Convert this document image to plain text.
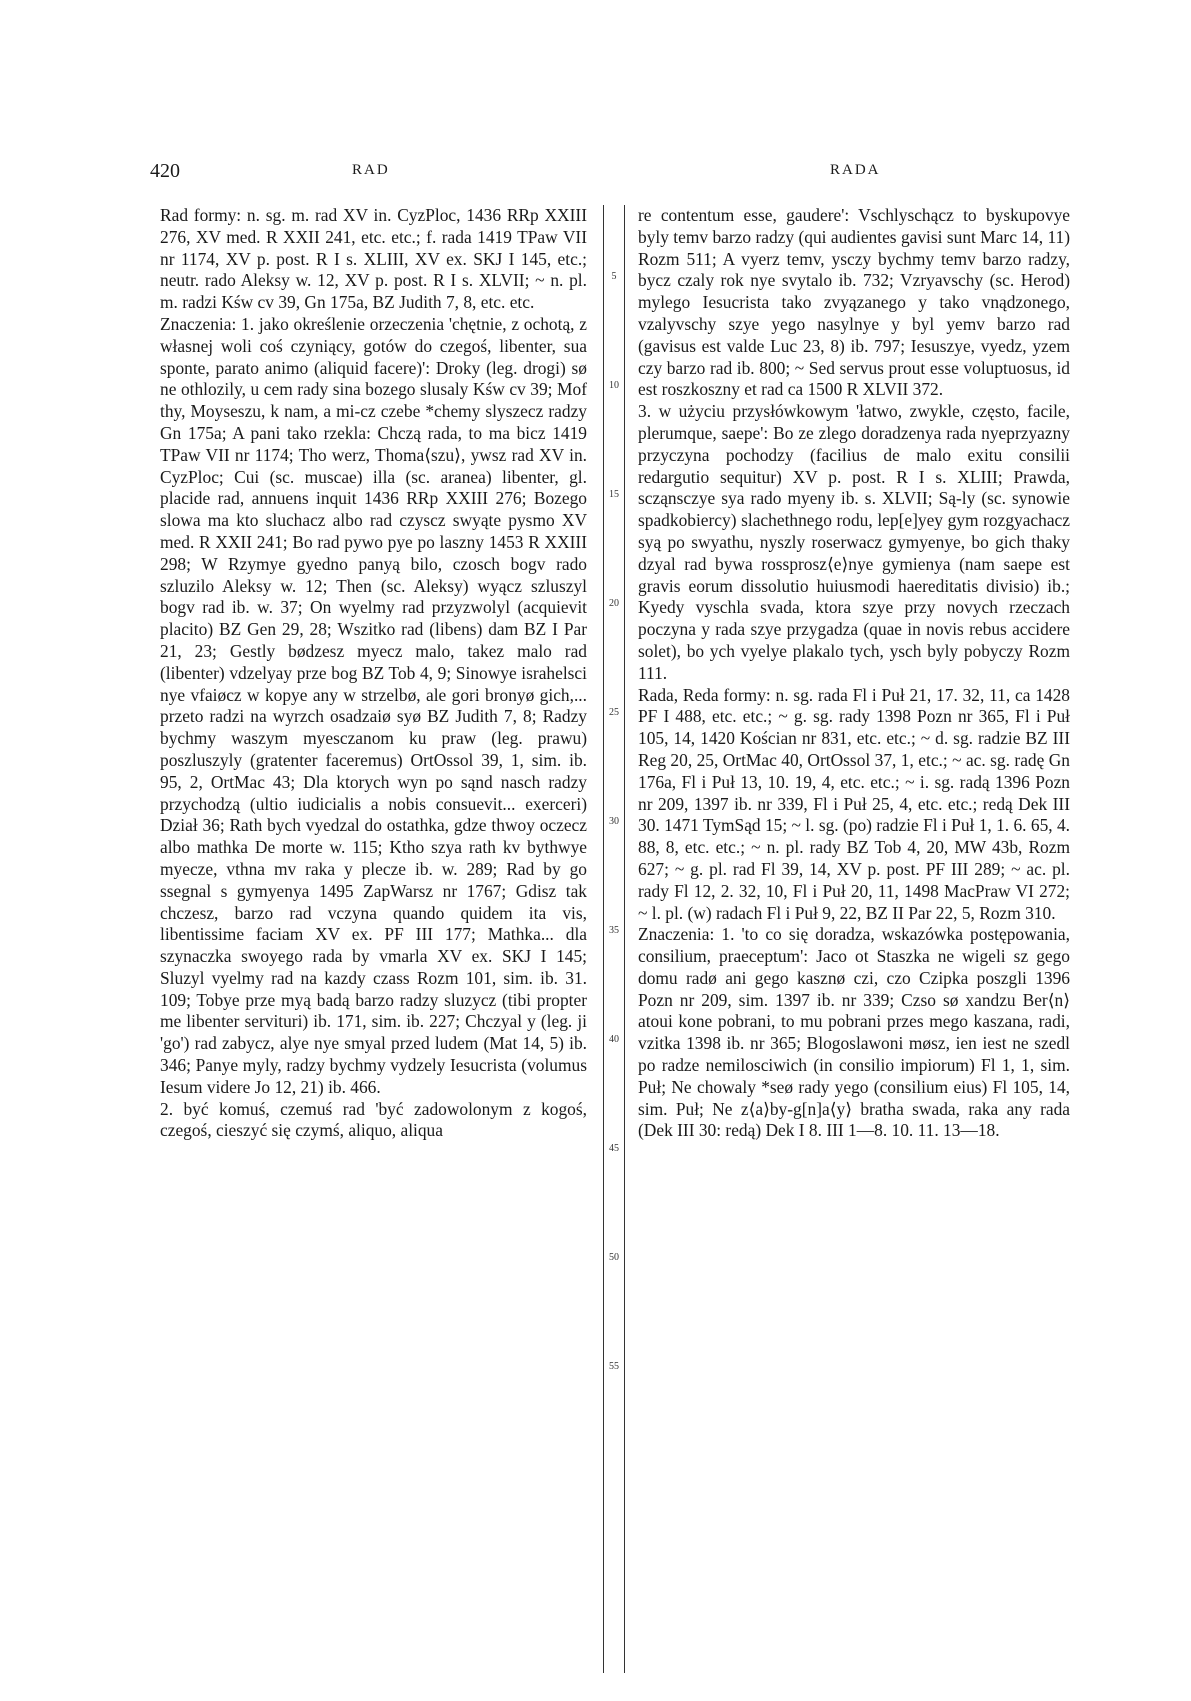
420	RAD	RADA

Rad formy: n. sg. m. rad XV in. CyzPloc, 1436 RRp XXIII 276, XV med. R XXII 241, etc. etc.; f. rada 1419 TPaw VII nr 1174, XV p. post. R I s. XLIII, XV ex. SKJ I 145, etc.; neutr. rado Aleksy w. 12, XV p. post. R I s. XLVII; ~ n. pl. m. radzi Kśw cv 39, Gn 175a, BZ Judith 7, 8, etc. etc.

Znaczenia: 1. jako określenie orzeczenia 'chętnie, z ochotą, z własnej woli coś czyniący, gotów do czegoś, libenter, sua sponte, parato animo (aliquid facere)': Droky (leg. drogi) sø ne othlozily, u cem rady sina bozego slusaly Kśw cv 39; Mof thy, Moyseszu, k nam, a mi-cz czebe *chemy slyszecz radzy Gn 175a; A pani tako rzekla: Chczą rada, to ma bicz 1419 TPaw VII nr 1174; Tho werz, Thoma⟨szu⟩, ywsz rad XV in. CyzPloc; Cui (sc. muscae) illa (sc. aranea) libenter, gl. placide rad, annuens inquit 1436 RRp XXIII 276; Bozego slowa ma kto sluchacz albo rad czyscz swyąte pysmo XV med. R XXII 241; Bo rad pywo pye po laszny 1453 R XXIII 298; W Rzymye gyedno panyą bilo, czosch bogv rado szluzilo Aleksy w. 12; Then (sc. Aleksy) wyącz szluszyl bogv rad ib. w. 37; On wyelmy rad przyzwolyl (acquievit placito) BZ Gen 29, 28; Wszitko rad (libens) dam BZ I Par 21, 23; Gestly bødzesz myecz malo, takez malo rad (libenter) vdzelyay prze bog BZ Tob 4, 9; Sinowye israhelsci nye vfaiøcz w kopye any w strzelbø, ale gori bronyø gich,... przeto radzi na wyrzch osadzaiø syø BZ Judith 7, 8; Radzy bychmy waszym myesczanom ku praw (leg. prawu) poszluszyly (gratenter faceremus) OrtOssol 39, 1, sim. ib. 95, 2, OrtMac 43; Dla ktorych wyn po sąnd nasch radzy przychodzą (ultio iudicialis a nobis consuevit... exerceri) Dział 36; Rath bych vyedzal do ostathka, gdze thwoy oczecz albo mathka De morte w. 115; Ktho szya rath kv bythwye myecze, vthna mv raka y plecze ib. w. 289; Rad by go ssegnal s gymyenya 1495 ZapWarsz nr 1767; Gdisz tak chczesz, barzo rad vczyna quando quidem ita vis, libentissime faciam XV ex. PF III 177; Mathka... dla szynaczka swoyego rada by vmarla XV ex. SKJ I 145; Sluzyl vyelmy rad na kazdy czass Rozm 101, sim. ib. 31. 109; Tobye prze myą badą barzo radzy sluzycz (tibi propter me libenter servituri) ib. 171, sim. ib. 227; Chczyal y (leg. ji 'go') rad zabycz, alye nye smyal przed ludem (Mat 14, 5) ib. 346; Panye myly, radzy bychmy vydzely Iesucrista (volumus Iesum videre Jo 12, 21) ib. 466.

2. być komuś, czemuś rad 'być zadowolonym z kogoś, czegoś, cieszyć się czymś, aliquo, aliqua

5
10
15
20
25
30
35
40
45
50
55

re contentum esse, gaudere': Vschlyschącz to byskupovye byly temv barzo radzy (qui audientes gavisi sunt Marc 14, 11) Rozm 511; A vyerz temv, ysczy bychmy temv barzo radzy, bycz czaly rok nye svytalo ib. 732; Vzryavschy (sc. Herod) mylego Iesucrista tako zvyązanego y tako vnądzonego, vzalyvschy szye yego nasylnye y byl yemv barzo rad (gavisus est valde Luc 23, 8) ib. 797; Iesuszye, vyedz, yzem czy barzo rad ib. 800; ~ Sed servus prout esse voluptuosus, id est roszkoszny et rad ca 1500 R XLVII 372.

3. w użyciu przysłówkowym 'łatwo, zwykle, często, facile, plerumque, saepe': Bo ze zlego doradzenya rada nyeprzyazny przyczyna pochodzy (facilius de malo exitu consilii redargutio sequitur) XV p. post. R I s. XLIII; Prawda, scząnsczye sya rado myeny ib. s. XLVII; Są-ly (sc. synowie spadkobiercy) slachethnego rodu, lep[e]yey gym rozgyachacz syą po swyathu, nyszly roserwacz gymyenye, bo gich thaky dzyal rad bywa rossprosz⟨e⟩nye gymienya (nam saepe est gravis eorum dissolutio huiusmodi haereditatis divisio) ib.; Kyedy vyschla svada, ktora szye przy novych rzeczach poczyna y rada szye przygadza (quae in novis rebus accidere solet), bo ych vyelye plakalo tych, ysch byly pobyczy Rozm 111.

Rada, Reda formy: n. sg. rada Fl i Puł 21, 17. 32, 11, ca 1428 PF I 488, etc. etc.; ~ g. sg. rady 1398 Pozn nr 365, Fl i Puł 105, 14, 1420 Kościan nr 831, etc. etc.; ~ d. sg. radzie BZ III Reg 20, 25, OrtMac 40, OrtOssol 37, 1, etc.; ~ ac. sg. radę Gn 176a, Fl i Puł 13, 10. 19, 4, etc. etc.; ~ i. sg. radą 1396 Pozn nr 209, 1397 ib. nr 339, Fl i Puł 25, 4, etc. etc.; redą Dek III 30. 1471 TymSąd 15; ~ l. sg. (po) radzie Fl i Puł 1, 1. 6. 65, 4. 88, 8, etc. etc.; ~ n. pl. rady BZ Tob 4, 20, MW 43b, Rozm 627; ~ g. pl. rad Fl 39, 14, XV p. post. PF III 289; ~ ac. pl. rady Fl 12, 2. 32, 10, Fl i Puł 20, 11, 1498 MacPraw VI 272; ~ l. pl. (w) radach Fl i Puł 9, 22, BZ II Par 22, 5, Rozm 310.

Znaczenia: 1. 'to co się doradza, wskazówka postępowania, consilium, praeceptum': Jaco ot Staszka ne wigeli sz gego domu radø ani gego kasznø czi, czo Czipka poszgli 1396 Pozn nr 209, sim. 1397 ib. nr 339; Czso sø xandzu Ber⟨n⟩atoui kone pobrani, to mu pobrani przes mego kaszana, radi, vzitka 1398 ib. nr 365; Blogoslawoni møsz, ien iest ne szedl po radze nemilosciwich (in consilio impiorum) Fl 1, 1, sim. Puł; Ne chowaly *seø rady yego (consilium eius) Fl 105, 14, sim. Puł; Ne z⟨a⟩by-g[n]a⟨y⟩ bratha swada, raka any rada (Dek III 30: redą) Dek I 8. III 1—8. 10. 11. 13—18.
